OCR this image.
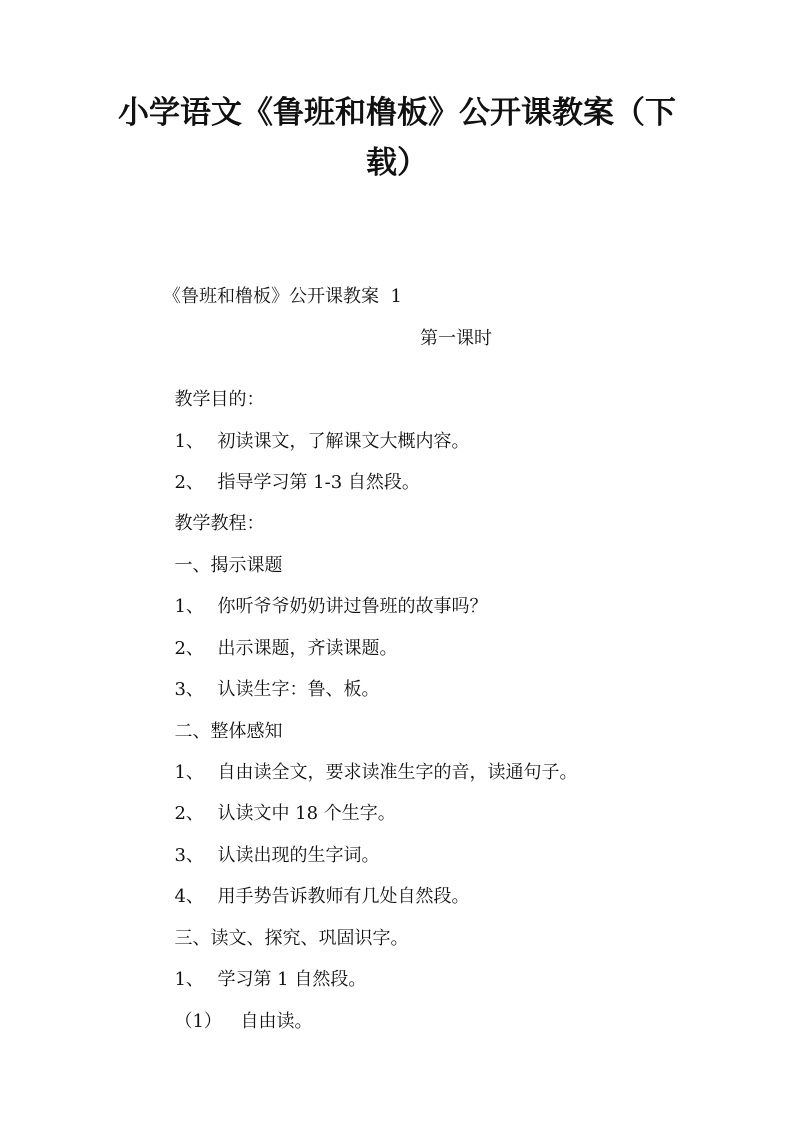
小学语文《鲁班和橹板》公开课教案（下
载）
《鲁班和橹板》公开课教案  1
第一课时

教学目的：

1、 初读课文，了解课文大概内容。

2、 指导学习第 1-3 自然段。

教学教程：

一、揭示课题

1、 你听爷爷奶奶讲过鲁班的故事吗？

2、 出示课题，齐读课题。

3、 认读生字：鲁、板。

二、整体感知

1、 自由读全文，要求读准生字的音，读通句子。

2、 认读文中 18 个生字。

3、 认读出现的生字词。

4、 用手势告诉教师有几处自然段。

三、读文、探究、巩固识字。

1、 学习第 1 自然段。

（1） 自由读。
